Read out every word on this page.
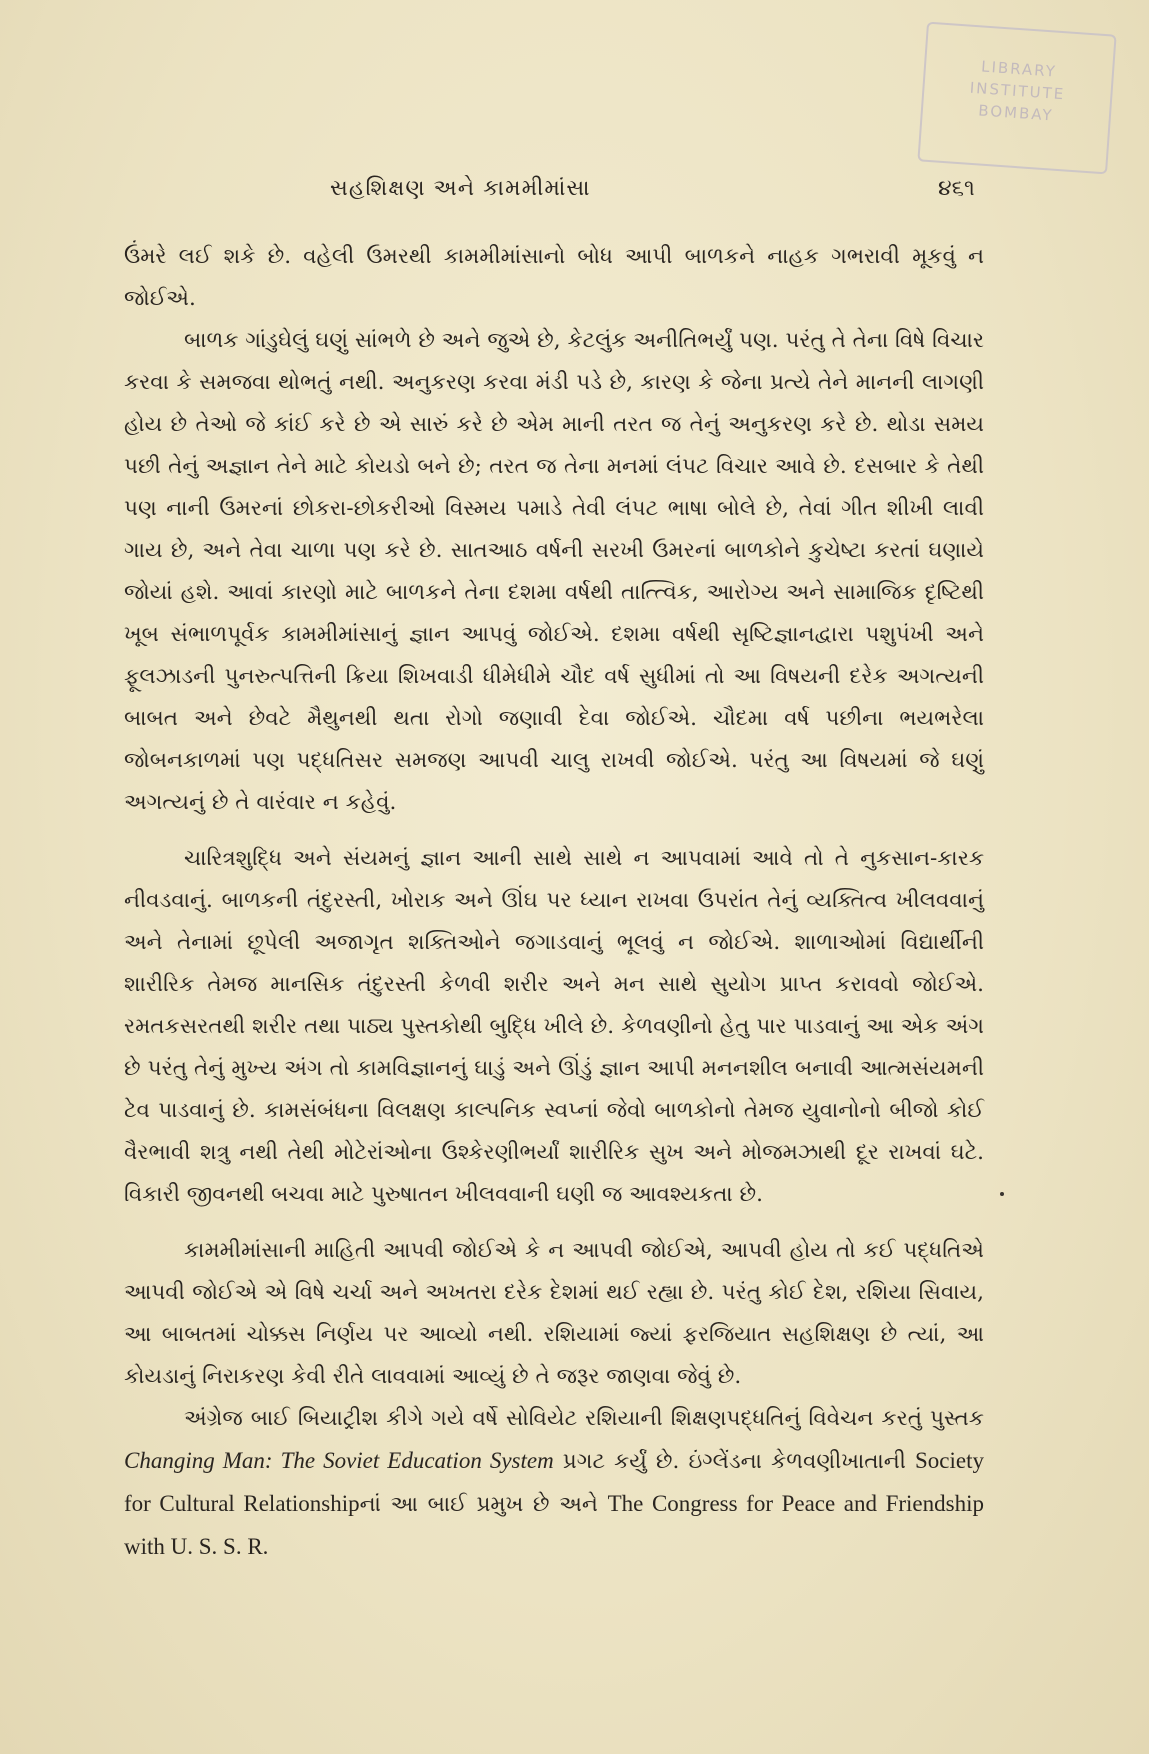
LIBRARY
INSTITUTE
BOMBAY
સહશિક્ષણ અને કામમીમાંસા	૪૬૧

ઉંમરે લઈ શકે છે. વહેલી ઉમરથી કામમીમાંસાનો બોધ આપી બાળકને નાહક ગભરાવી મૂકવું ન જોઈએ.

બાળક ગાંડુઘેલું ઘણું સાંભળે છે અને જુએ છે, કેટલુંક અનીતિભર્યું પણ. પરંતુ તે તેના વિષે વિચાર કરવા કે સમજવા થોભતું નથી. અનુકરણ કરવા મંડી પડે છે, કારણ કે જેના પ્રત્યે તેને માનની લાગણી હોય છે તેઓ જે કાંઈ કરે છે એ સારું કરે છે એમ માની તરત જ તેનું અનુકરણ કરે છે. થોડા સમય પછી તેનું અજ્ઞાન તેને માટે કોયડો બને છે; તરત જ તેના મનમાં લંપટ વિચાર આવે છે. દસબાર કે તેથી પણ નાની ઉમરનાં છોકરા-છોકરીઓ વિસ્મય પમાડે તેવી લંપટ ભાષા બોલે છે, તેવાં ગીત શીખી લાવી ગાય છે, અને તેવા ચાળા પણ કરે છે. સાતઆઠ વર્ષની સરખી ઉમરનાં બાળકોને કુચેષ્ટા કરતાં ઘણાયે જોયાં હશે. આવાં કારણો માટે બાળકને તેના દશમા વર્ષથી તાત્ત્વિક, આરોગ્ય અને સામાજિક દૃષ્ટિથી ખૂબ સંભાળપૂર્વક કામમીમાંસાનું જ્ઞાન આપવું જોઈએ. દશમા વર્ષથી સૃષ્ટિજ્ઞાનદ્વારા પશુપંખી અને ફૂલઝાડની પુનરુત્પત્તિની ક્રિયા શિખવાડી ધીમેધીમે ચૌદ વર્ષ સુધીમાં તો આ વિષયની દરેક અગત્યની બાબત અને છેવટે મૈથુનથી થતા રોગો જણાવી દેવા જોઈએ. ચૌદમા વર્ષ પછીના ભયભરેલા જોબનકાળમાં પણ પદ્ધતિસર સમજણ આપવી ચાલુ રાખવી જોઈએ. પરંતુ આ વિષયમાં જે ઘણું અગત્યનું છે તે વારંવાર ન કહેવું.

ચારિત્રશુદ્ધિ અને સંયમનું જ્ઞાન આની સાથે સાથે ન આપવામાં આવે તો તે નુકસાન-કારક નીવડવાનું. બાળકની તંદુરસ્તી, ખોરાક અને ઊંઘ પર ધ્યાન રાખવા ઉપરાંત તેનું વ્યક્તિત્વ ખીલવવાનું અને તેનામાં છૂપેલી અજાગૃત શક્તિઓને જગાડવાનું ભૂલવું ન જોઈએ. શાળાઓમાં વિદ્યાર્થીની શારીરિક તેમજ માનસિક તંદુરસ્તી કેળવી શરીર અને મન સાથે સુયોગ પ્રાપ્ત કરાવવો જોઈએ. રમતકસરતથી શરીર તથા પાઠ્ય પુસ્તકોથી બુદ્ધિ ખીલે છે. કેળવણીનો હેતુ પાર પાડવાનું આ એક અંગ છે પરંતુ તેનું મુખ્ય અંગ તો કામવિજ્ઞાનનું ઘાડું અને ઊંડું જ્ઞાન આપી મનનશીલ બનાવી આત્મસંયમની ટેવ પાડવાનું છે. કામસંબંધના વિલક્ષણ કાલ્પનિક સ્વપ્નાં જેવો બાળકોનો તેમજ યુવાનોનો બીજો કોઈ વૈરભાવી શત્રુ નથી તેથી મોટેરાંઓના ઉશ્કેરણીભર્યાં શારીરિક સુખ અને મોજમઝાથી દૂર રાખવાં ઘટે. વિકારી જીવનથી બચવા માટે પુરુષાતન ખીલવવાની ઘણી જ આવશ્યકતા છે.

કામમીમાંસાની માહિતી આપવી જોઈએ કે ન આપવી જોઈએ, આપવી હોય તો કઈ પદ્ધતિએ આપવી જોઈએ એ વિષે ચર્ચા અને અખતરા દરેક દેશમાં થઈ રહ્યા છે. પરંતુ કોઈ દેશ, રશિયા સિવાય, આ બાબતમાં ચોક્કસ નિર્ણય પર આવ્યો નથી. રશિયામાં જ્યાં ફરજિયાત સહશિક્ષણ છે ત્યાં, આ કોયડાનું નિરાકરણ કેવી રીતે લાવવામાં આવ્યું છે તે જરૂર જાણવા જેવું છે.

અંગ્રેજ બાઈ બિયાટ્રીશ કીગે ગયે વર્ષે સોવિયેટ રશિયાની શિક્ષણપદ્ધતિનું વિવેચન કરતું પુસ્તક Changing Man: The Soviet Education System પ્રગટ કર્યું છે. ઇંગ્લેંડના કેળવણીખાતાની Society for Cultural Relationshipનાં આ બાઈ પ્રમુખ છે અને The Congress for Peace and Friendship with U. S. S. R.
